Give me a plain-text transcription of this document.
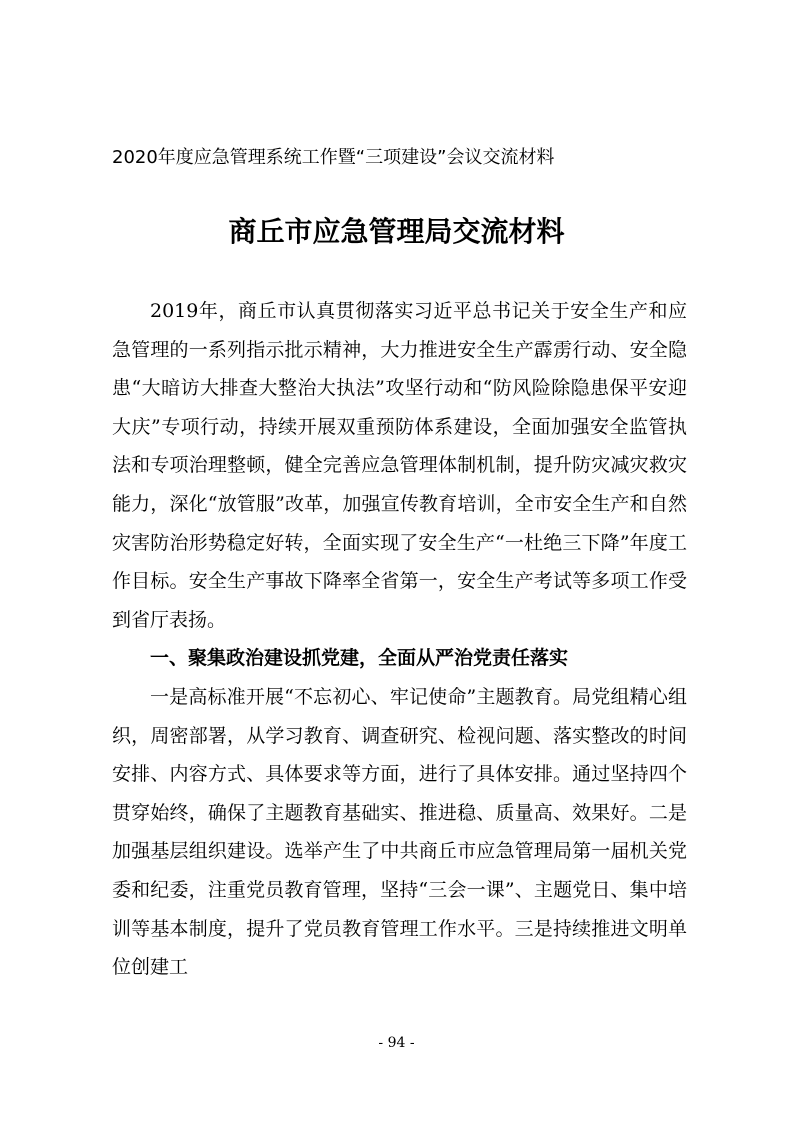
2020年度应急管理系统工作暨“三项建设”会议交流材料
商丘市应急管理局交流材料

2019年，商丘市认真贯彻落实习近平总书记关于安全生产和应急管理的一系列指示批示精神，大力推进安全生产霹雳行动、安全隐患“大暗访大排查大整治大执法”攻坚行动和“防风险除隐患保平安迎大庆”专项行动，持续开展双重预防体系建设，全面加强安全监管执法和专项治理整顿，健全完善应急管理体制机制，提升防灾减灾救灾能力，深化“放管服”改革，加强宣传教育培训，全市安全生产和自然灾害防治形势稳定好转，全面实现了安全生产“一杜绝三下降”年度工作目标。安全生产事故下降率全省第一，安全生产考试等多项工作受到省厅表扬。

一、聚集政治建设抓党建，全面从严治党责任落实

一是高标准开展“不忘初心、牢记使命”主题教育。局党组精心组织，周密部署，从学习教育、调查研究、检视问题、落实整改的时间安排、内容方式、具体要求等方面，进行了具体安排。通过坚持四个贯穿始终，确保了主题教育基础实、推进稳、质量高、效果好。二是加强基层组织建设。选举产生了中共商丘市应急管理局第一届机关党委和纪委，注重党员教育管理，坚持“三会一课”、主题党日、集中培训等基本制度，提升了党员教育管理工作水平。三是持续推进文明单位创建工

- 94 -
